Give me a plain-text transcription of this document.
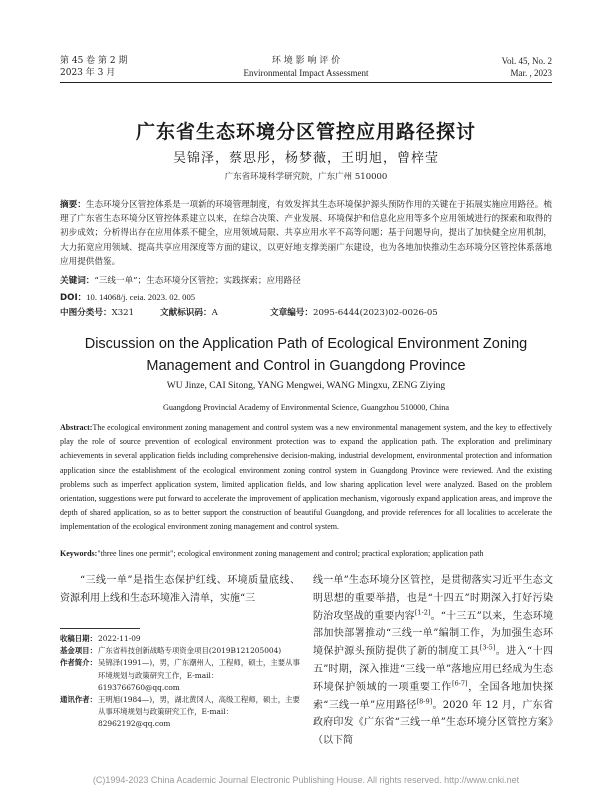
第 45 卷 第 2 期
2023 年 3 月
环 境 影 响 评 价
Environmental Impact Assessment
Vol. 45, No. 2
Mar. , 2023
广东省生态环境分区管控应用路径探讨
吴锦泽，蔡思彤，杨梦薇，王明旭，曾梓莹
广东省环境科学研究院，广东广州 510000
摘要：生态环境分区管控体系是一项新的环境管理制度，有效发挥其生态环境保护源头预防作用的关键在于拓展实施应用路径。梳理了广东省生态环境分区管控体系建立以来，在综合决策、产业发展、环境保护和信息化应用等多个应用领域进行的探索和取得的初步成效；分析得出存在应用体系不健全，应用领域局限、共享应用水平不高等问题；基于问题导向，提出了加快健全应用机制，大力拓宽应用领域、提高共享应用深度等方面的建议，以更好地支撑美丽广东建设，也为各地加快推动生态环境分区管控体系落地应用提供借鉴。
关键词：“三线一单”；生态环境分区管控；实践探索；应用路径
DOI：10. 14068/j. ceia. 2023. 02. 005
中图分类号：X321	文献标识码：A	文章编号：2095-6444(2023)02-0026-05
Discussion on the Application Path of Ecological Environment Zoning
Management and Control in Guangdong Province
WU Jinze, CAI Sitong, YANG Mengwei, WANG Mingxu, ZENG Ziying
Guangdong Provincial Academy of Environmental Science, Guangzhou 510000, China
Abstract:The ecological environment zoning management and control system was a new environmental management system, and the key to effectively play the role of source prevention of ecological environment protection was to expand the application path. The exploration and preliminary achievements in several application fields including comprehensive decision-making, industrial development, environmental protection and information application since the establishment of the ecological environment zoning control system in Guangdong Province were reviewed. And the existing problems such as imperfect application system, limited application fields, and low sharing application level were analyzed. Based on the problem orientation, suggestions were put forward to accelerate the improvement of application mechanism, vigorously expand application areas, and improve the depth of shared application, so as to better support the construction of beautiful Guangdong, and provide references for all localities to accelerate the implementation of the ecological environment zoning management and control system.
Keywords:"three lines one permit"; ecological environment zoning management and control; practical exploration; application path
“三线一单”是指生态保护红线、环境质量底线、资源利用上线和生态环境准入清单，实施“三
收稿日期： 2022-11-09
基金项目： 广东省科技创新战略专项资金项目(2019B121205004)
作者简介： 吴锦泽(1991—)，男，广东潮州人，工程师，硕士，主要从事环境规划与政策研究工作，E-mail：6193766760@qq.com
通讯作者： 王明旭(1984—)，男，湖北黄冈人，高级工程师，硕士，主要从事环境规划与政策研究工作，E-mail：82962192@qq.com
线一单”生态环境分区管控，是贯彻落实习近平生态文明思想的重要举措，也是“十四五”时期深入打好污染防治攻坚战的重要内容[1-2]。“十三五”以来，生态环境部加快部署推动“三线一单”编制工作，为加强生态环境保护源头预防提供了新的制度工具[3-5]。进入“十四五”时期，深入推进“三线一单”落地应用已经成为生态环境保护领域的一项重要工作[6-7]，全国各地加快探索“三线一单”应用路径[8-9]。2020 年 12 月，广东省政府印发《广东省“三线一单”生态环境分区管控方案》（以下简
(C)1994-2023 China Academic Journal Electronic Publishing House. All rights reserved. http://www.cnki.net
